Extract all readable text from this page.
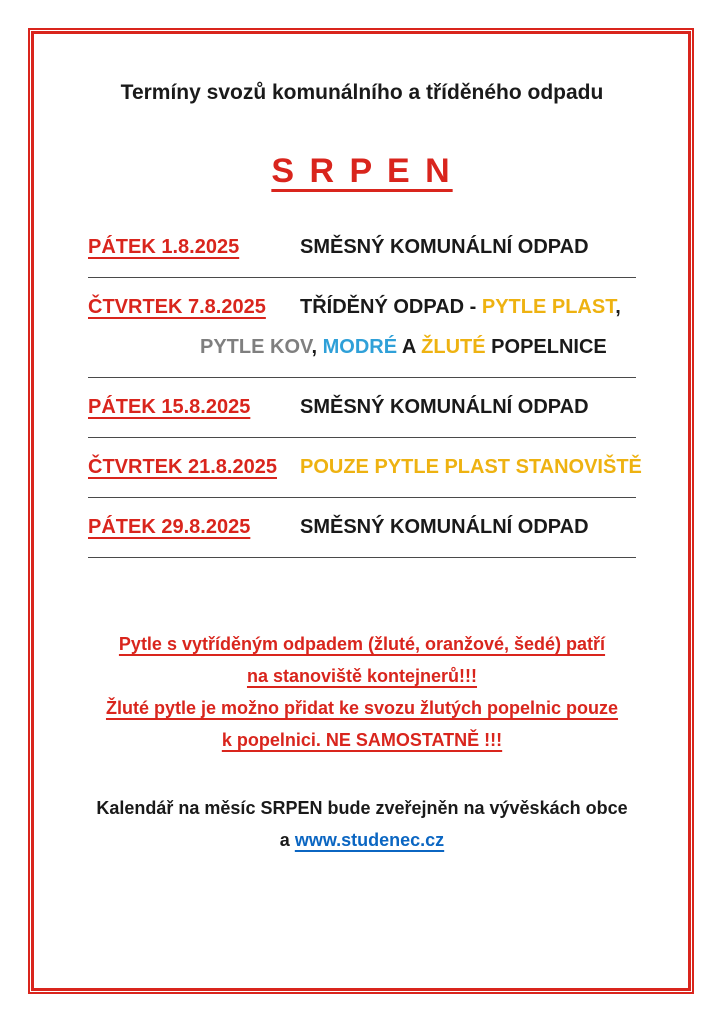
Termíny svozů komunálního a tříděného odpadu
S R P E N
PÁTEK 1.8.2025	SMĚSNÝ KOMUNÁLNÍ ODPAD
ČTVRTEK 7.8.2025	TŘÍDĚNÝ ODPAD - PYTLE PLAST,
PYTLE KOV, MODRÉ A ŽLUTÉ POPELNICE
PÁTEK 15.8.2025	SMĚSNÝ KOMUNÁLNÍ ODPAD
ČTVRTEK 21.8.2025	POUZE PYTLE PLAST STANOVIŠTĚ
PÁTEK 29.8.2025	SMĚSNÝ KOMUNÁLNÍ ODPAD
Pytle s vytříděným odpadem (žluté, oranžové, šedé) patří
na stanoviště kontejnerů!!!
Žluté pytle je možno přidat ke svozu žlutých popelnic pouze
k popelnici. NE SAMOSTATNĚ !!!
Kalendář na měsíc SRPEN bude zveřejněn na vývěskách obce
a www.studenec.cz
